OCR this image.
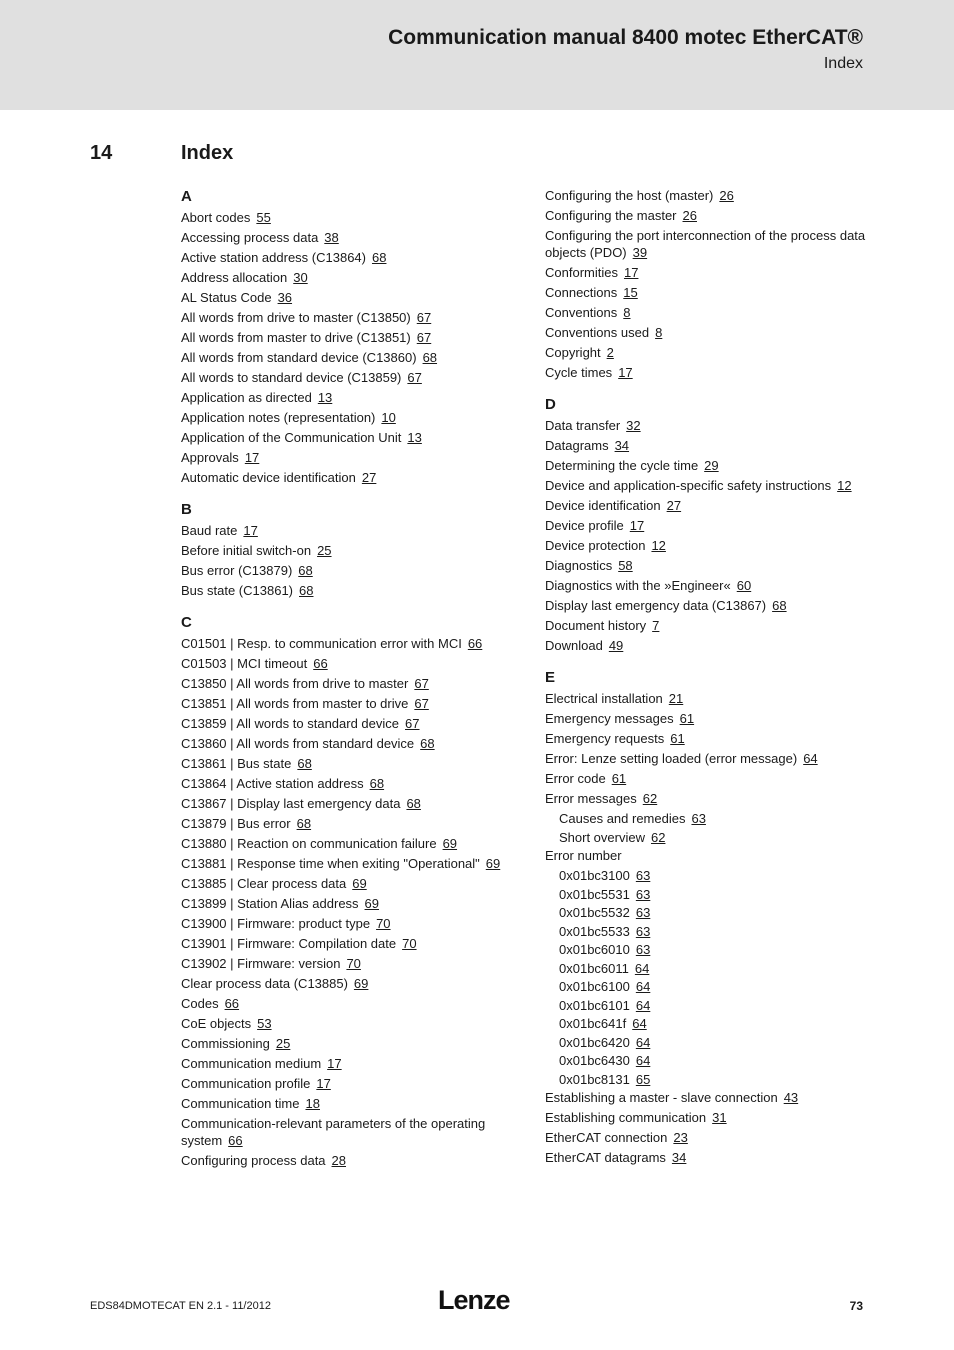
Communication manual 8400 motec EtherCAT®
Index
14	Index
A
Abort codes 55
Accessing process data 38
Active station address (C13864) 68
Address allocation 30
AL Status Code 36
All words from drive to master (C13850) 67
All words from master to drive (C13851) 67
All words from standard device (C13860) 68
All words to standard device (C13859) 67
Application as directed 13
Application notes (representation) 10
Application of the Communication Unit 13
Approvals 17
Automatic device identification 27
B
Baud rate 17
Before initial switch-on 25
Bus error (C13879) 68
Bus state (C13861) 68
C
C01501 | Resp. to communication error with MCI 66
C01503 | MCI timeout 66
C13850 | All words from drive to master 67
C13851 | All words from master to drive 67
C13859 | All words to standard device 67
C13860 | All words from standard device 68
C13861 | Bus state 68
C13864 | Active station address 68
C13867 | Display last emergency data 68
C13879 | Bus error 68
C13880 | Reaction on communication failure 69
C13881 | Response time when exiting "Operational" 69
C13885 | Clear process data 69
C13899 | Station Alias address 69
C13900 | Firmware: product type 70
C13901 | Firmware: Compilation date 70
C13902 | Firmware: version 70
Clear process data (C13885) 69
Codes 66
CoE objects 53
Commissioning 25
Communication medium 17
Communication profile 17
Communication time 18
Communication-relevant parameters of the operating system 66
Configuring process data 28
Configuring the host (master) 26
Configuring the master 26
Configuring the port interconnection of the process data objects (PDO) 39
Conformities 17
Connections 15
Conventions 8
Conventions used 8
Copyright 2
Cycle times 17
D
Data transfer 32
Datagrams 34
Determining the cycle time 29
Device and application-specific safety instructions 12
Device identification 27
Device profile 17
Device protection 12
Diagnostics 58
Diagnostics with the »Engineer« 60
Display last emergency data (C13867) 68
Document history 7
Download 49
E
Electrical installation 21
Emergency messages 61
Emergency requests 61
Error: Lenze setting loaded (error message) 64
Error code 61
Error messages 62
Causes and remedies 63
Short overview 62
Error number
0x01bc3100 63
0x01bc5531 63
0x01bc5532 63
0x01bc5533 63
0x01bc6010 63
0x01bc6011 64
0x01bc6100 64
0x01bc6101 64
0x01bc641f 64
0x01bc6420 64
0x01bc6430 64
0x01bc8131 65
Establishing a master - slave connection 43
Establishing communication 31
EtherCAT connection 23
EtherCAT datagrams 34
EDS84DMOTECAT EN 2.1 - 11/2012	Lenze	73
